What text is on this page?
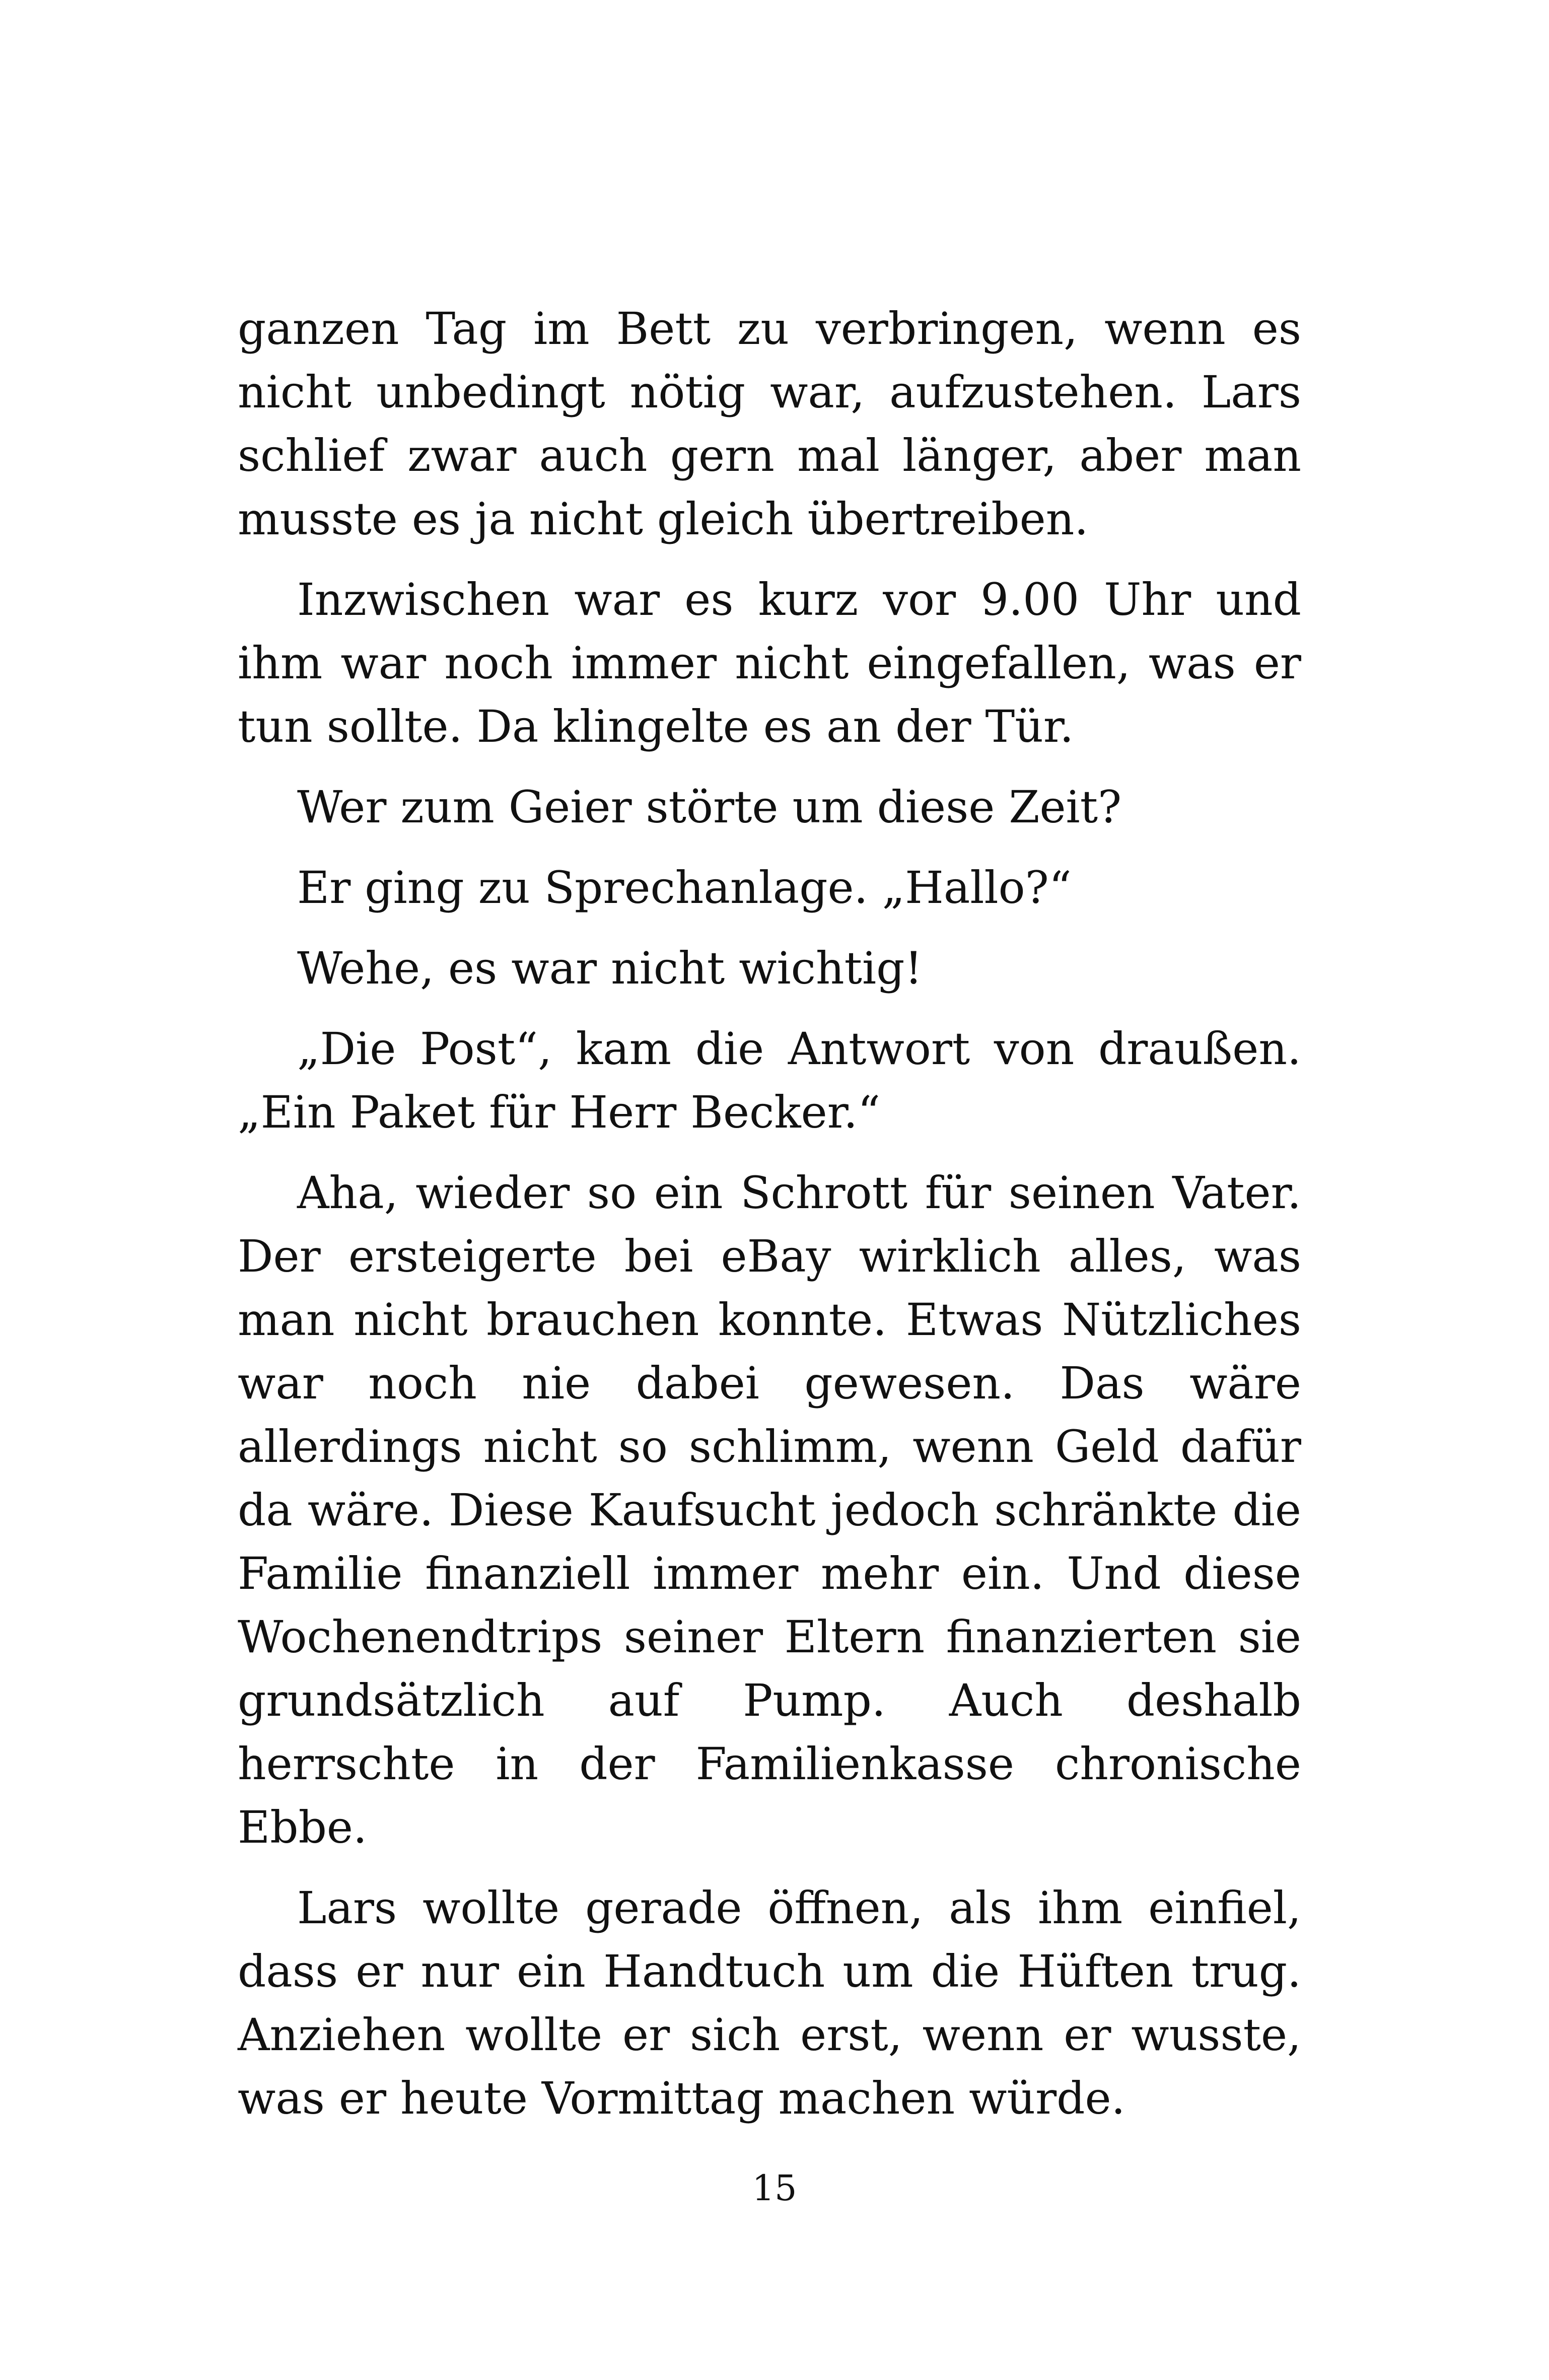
ganzen Tag im Bett zu verbringen, wenn es nicht unbedingt nötig war, aufzustehen. Lars schlief zwar auch gern mal länger, aber man musste es ja nicht gleich übertreiben.

Inzwischen war es kurz vor 9.00 Uhr und ihm war noch immer nicht eingefallen, was er tun sollte. Da klingelte es an der Tür.

Wer zum Geier störte um diese Zeit?

Er ging zu Sprechanlage. „Hallo?“

Wehe, es war nicht wichtig!

„Die Post“, kam die Antwort von draußen. „Ein Paket für Herr Becker.“

Aha, wieder so ein Schrott für seinen Vater. Der ersteigerte bei eBay wirklich alles, was man nicht brauchen konnte. Etwas Nützliches war noch nie dabei gewesen. Das wäre allerdings nicht so schlimm, wenn Geld dafür da wäre. Diese Kaufsucht jedoch schränkte die Familie finanziell immer mehr ein. Und diese Wochenendtrips seiner Eltern finanzierten sie grundsätzlich auf Pump. Auch deshalb herrschte in der Familienkasse chronische Ebbe.

Lars wollte gerade öffnen, als ihm einfiel, dass er nur ein Handtuch um die Hüften trug. Anziehen wollte er sich erst, wenn er wusste, was er heute Vormittag machen würde.

15
